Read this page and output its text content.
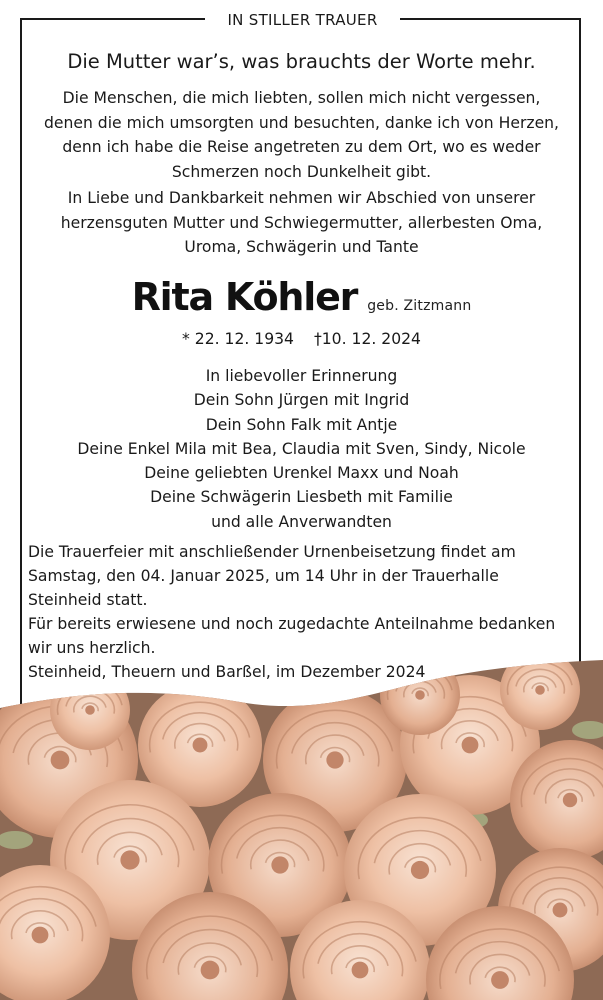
IN STILLER TRAUER
Die Mutter war’s, was brauchts der Worte mehr.
Die Menschen, die mich liebten, sollen mich nicht vergessen,
denen die mich umsorgten und besuchten, danke ich von Herzen,
denn ich habe die Reise angetreten zu dem Ort, wo es weder
Schmerzen noch Dunkelheit gibt.
In Liebe und Dankbarkeit nehmen wir Abschied von unserer
herzensguten Mutter und Schwiegermutter, allerbesten Oma,
Uroma, Schwägerin und Tante
Rita Köhler geb. Zitzmann
* 22. 12. 1934 †10. 12. 2024
In liebevoller Erinnerung
Dein Sohn Jürgen mit Ingrid
Dein Sohn Falk mit Antje
Deine Enkel Mila mit Bea, Claudia mit Sven, Sindy, Nicole
Deine geliebten Urenkel Maxx und Noah
Deine Schwägerin Liesbeth mit Familie
und alle Anverwandten
Die Trauerfeier mit anschließender Urnenbeisetzung findet am
Samstag, den 04. Januar 2025, um 14 Uhr in der Trauerhalle
Steinheid statt.
Für bereits erwiesene und noch zugedachte Anteilnahme bedanken
wir uns herzlich.
Steinheid, Theuern und Barßel, im Dezember 2024
